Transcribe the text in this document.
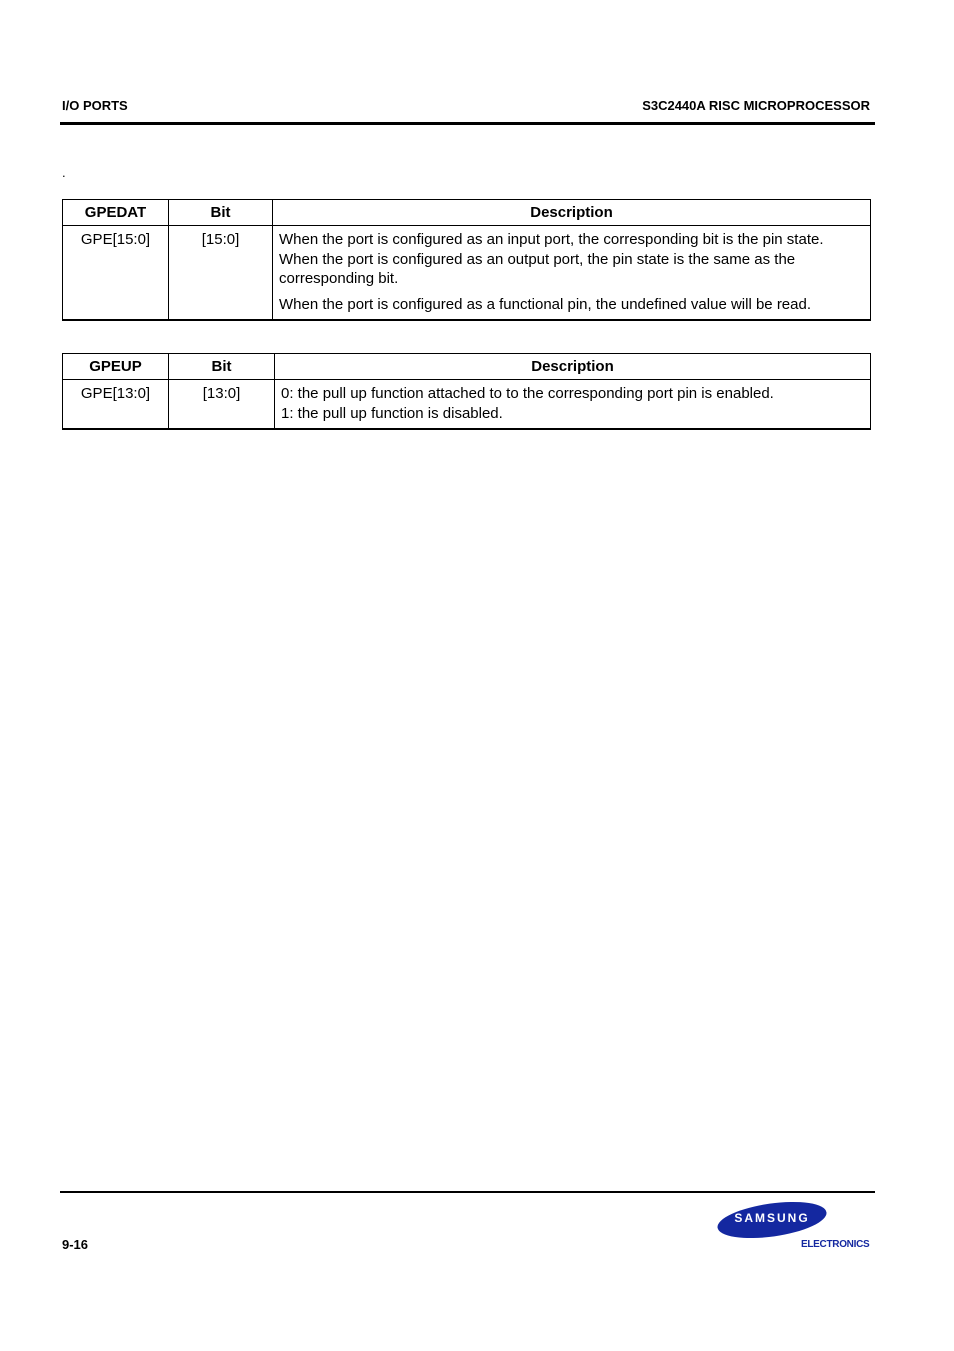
I/O PORTS	S3C2440A RISC MICROPROCESSOR
.
GPEDAT	Bit	Description
GPE[15:0]	[15:0]	When the port is configured as an input port, the corresponding bit is the pin state. When the port is configured as an output port, the pin state is the same as the corresponding bit.
When the port is configured as a functional pin, the undefined value will be read.
GPEUP	Bit	Description
GPE[13:0]	[13:0]	0: the pull up function attached to to the corresponding port pin is enabled.
1: the pull up function is disabled.
9-16
SAMSUNG
ELECTRONICS
